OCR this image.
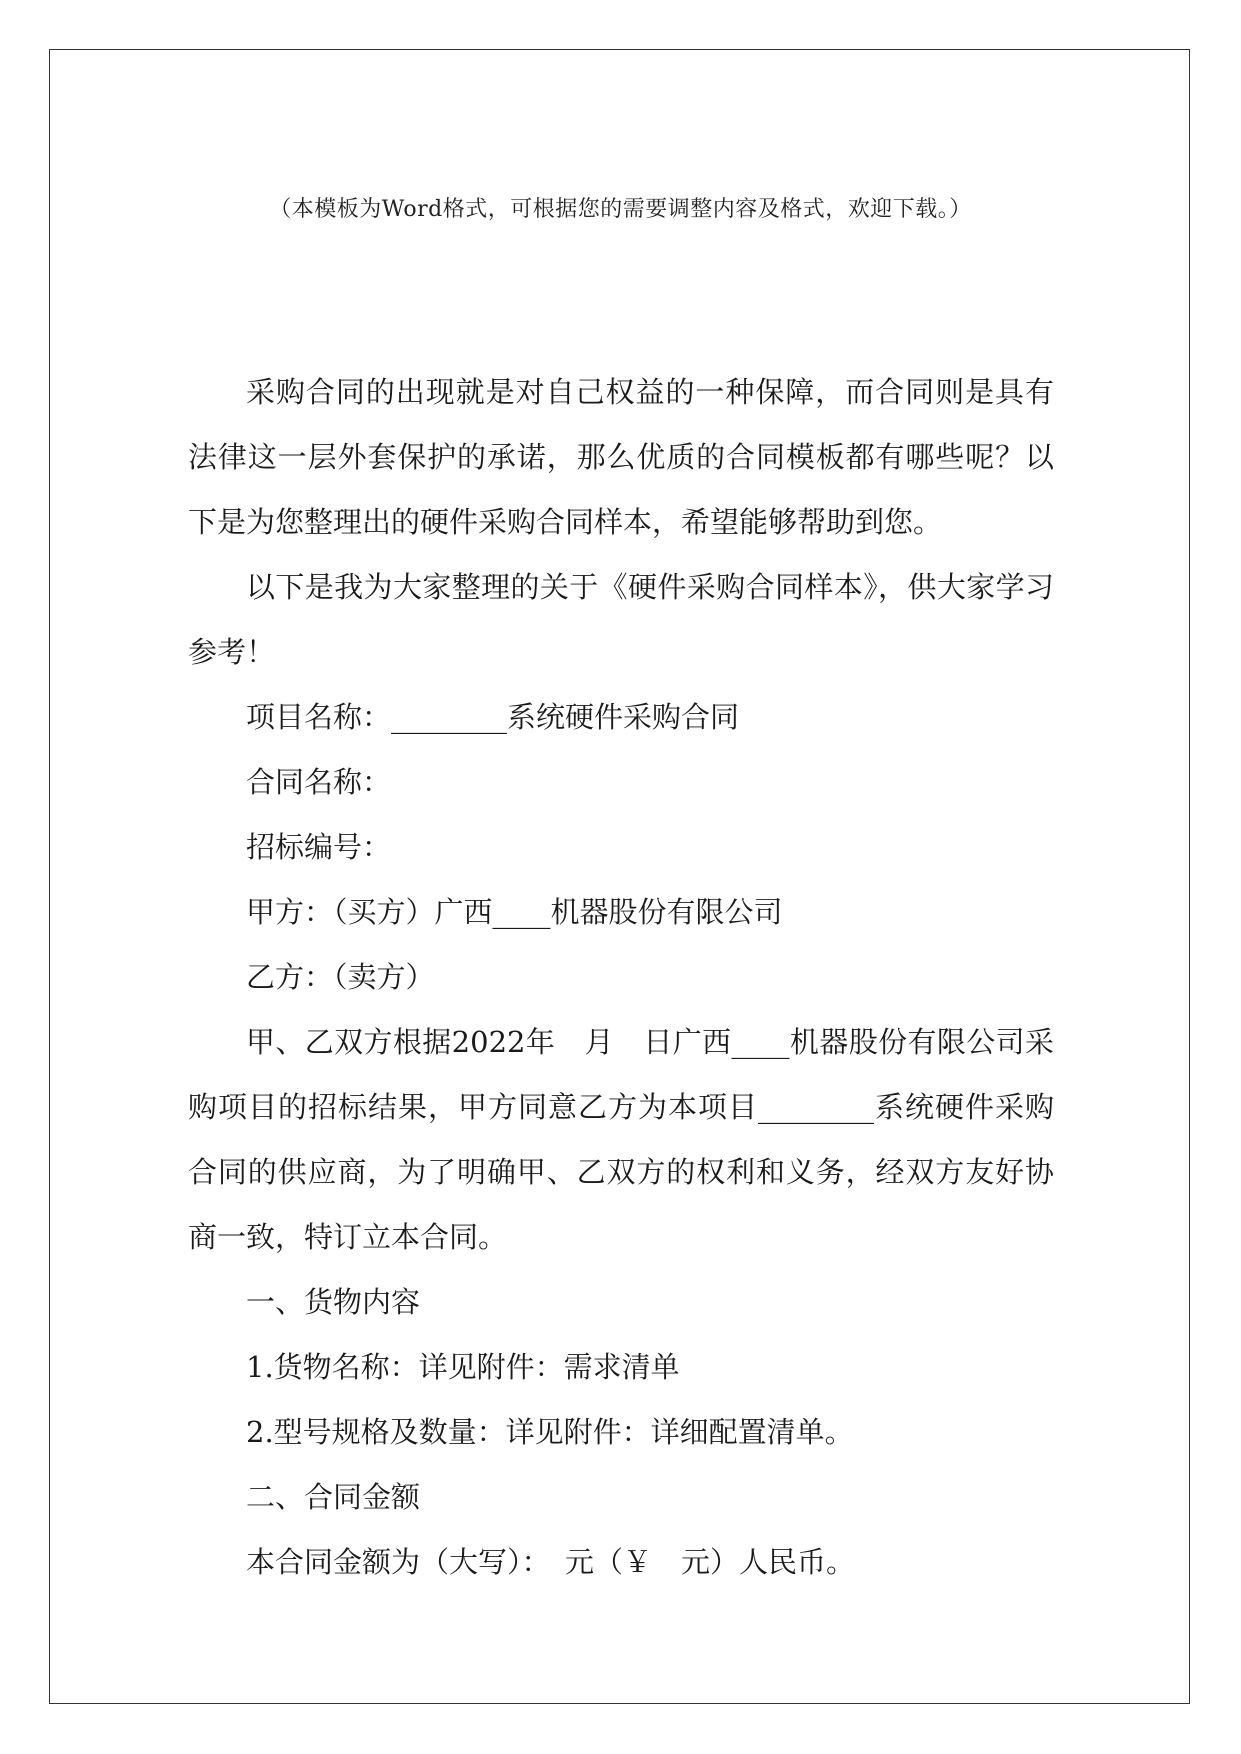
（本模板为Word格式，可根据您的需要调整内容及格式，欢迎下载。）

采购合同的出现就是对自己权益的一种保障，而合同则是具有法律这一层外套保护的承诺，那么优质的合同模板都有哪些呢？以下是为您整理出的硬件采购合同样本，希望能够帮助到您。

以下是我为大家整理的关于《硬件采购合同样本》，供大家学习参考！

项目名称：________系统硬件采购合同

合同名称：

招标编号：

甲方：（买方）广西____机器股份有限公司

乙方：（卖方）

甲、乙双方根据2022年　月　日广西____机器股份有限公司采购项目的招标结果，甲方同意乙方为本项目________系统硬件采购合同的供应商，为了明确甲、乙双方的权利和义务，经双方友好协商一致，特订立本合同。

一、货物内容

1.货物名称：详见附件：需求清单

2.型号规格及数量：详见附件：详细配置清单。

二、合同金额

本合同金额为（大写）：　元（￥　元）人民币。
